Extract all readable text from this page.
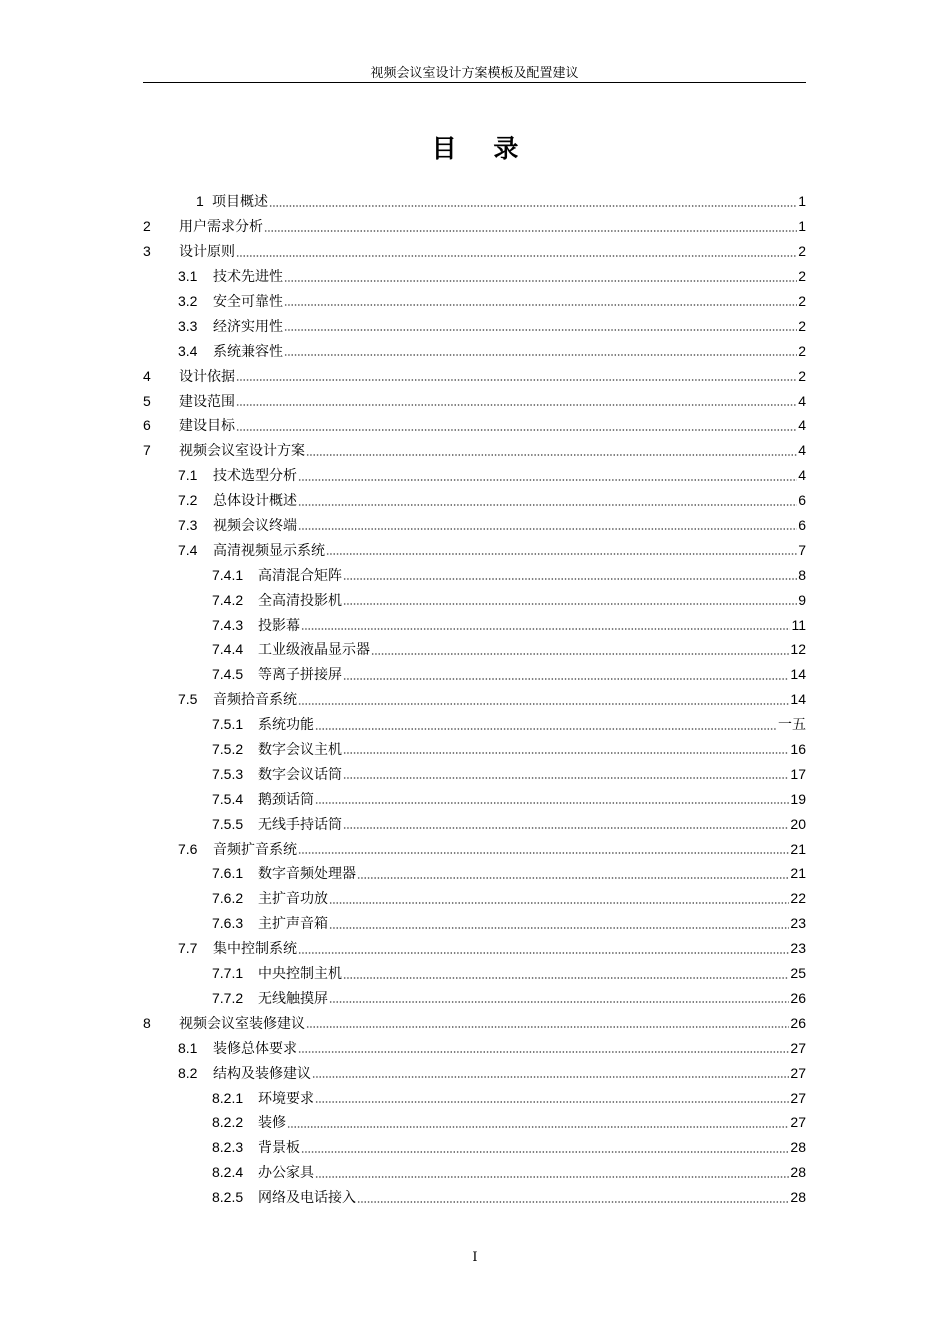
视频会议室设计方案模板及配置建议
目 录
1 项目概述	1
2	用户需求分析	1
3	设计原则	2
3.1	技术先进性	2
3.2	安全可靠性	2
3.3	经济实用性	2
3.4	系统兼容性	2
4	设计依据	2
5	建设范围	4
6	建设目标	4
7	视频会议室设计方案	4
7.1	技术选型分析	4
7.2	总体设计概述	6
7.3	视频会议终端	6
7.4	高清视频显示系统	7
7.4.1	高清混合矩阵	8
7.4.2	全高清投影机	9
7.4.3	投影幕	11
7.4.4	工业级液晶显示器	12
7.4.5	等离子拼接屏	14
7.5	音频拾音系统	14
7.5.1	系统功能	一五
7.5.2	数字会议主机	16
7.5.3	数字会议话筒	17
7.5.4	鹅颈话筒	19
7.5.5	无线手持话筒	20
7.6	音频扩音系统	21
7.6.1	数字音频处理器	21
7.6.2	主扩音功放	22
7.6.3	主扩声音箱	23
7.7	集中控制系统	23
7.7.1	中央控制主机	25
7.7.2	无线触摸屏	26
8	视频会议室装修建议	26
8.1	装修总体要求	27
8.2	结构及装修建议	27
8.2.1	环境要求	27
8.2.2	装修	27
8.2.3	背景板	28
8.2.4	办公家具	28
8.2.5	网络及电话接入	28
I
